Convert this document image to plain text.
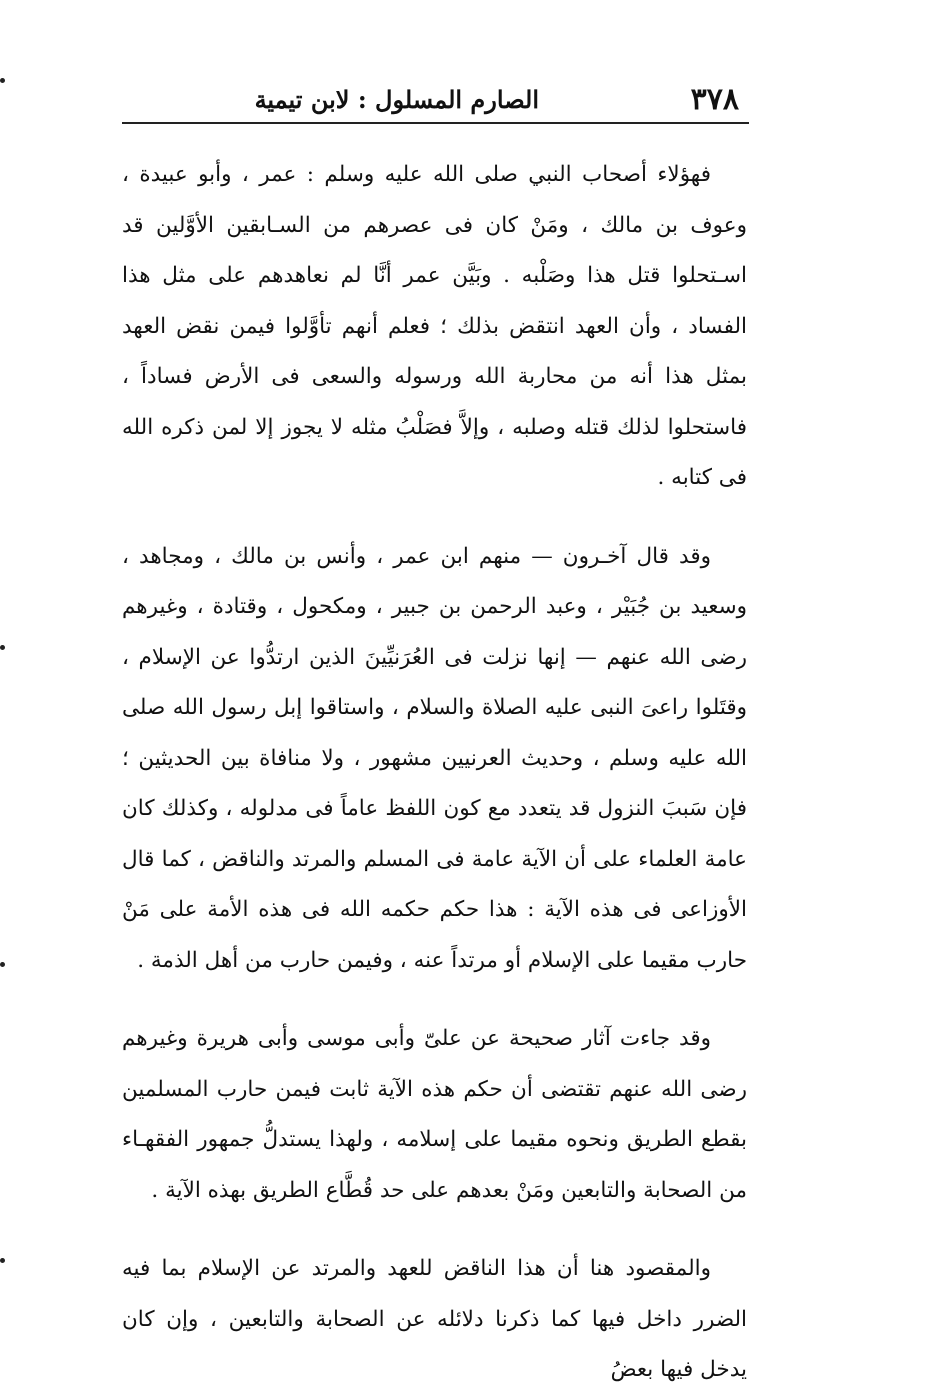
٣٧٨
الصارم المسلول : لابن تيمية

فهؤلاء أصحاب النبي صلى الله عليه وسلم : عمر ، وأبو عبيدة ، وعوف بن مالك ، ومَنْ كان فى عصرهم من السـابقين الأوَّلين قد اسـتحلوا قتل هذا وصَلْبه . وبَيَّن عمر أنَّا لم نعاهدهم على مثل هذا الفساد ، وأن العهد انتقض بذلك ؛ فعلم أنهم تأوَّلوا فيمن نقض العهد بمثل هذا أنه من محاربة الله ورسوله والسعى فى الأرض فساداً ، فاستحلوا لذلك قتله وصلبه ، وإلاَّ فصَلْبُ مثله لا يجوز إلا لمن ذكره الله فى كتابه .

وقد قال آخـرون — منهم ابن عمر ، وأنس بن مالك ، ومجاهد ، وسعيد بن جُبَيْر ، وعبد الرحمن بن جبير ، ومكحول ، وقتادة ، وغيرهم رضى الله عنهم — إنها نزلت فى العُرَنيِّينَ الذين ارتدُّوا عن الإسلام ، وقتَلوا راعىَ النبى عليه الصلاة والسلام ، واستاقوا إبل رسول الله صلى الله عليه وسلم ، وحديث العرنيين مشهور ، ولا منافاة بين الحديثين ؛ فإن سَببَ النزول قد يتعدد مع كون اللفظ عاماً فى مدلوله ، وكذلك كان عامة العلماء على أن الآية عامة فى المسلم والمرتد والناقض ، كما قال الأوزاعى فى هذه الآية : هذا حكم حكمه الله فى هذه الأمة على مَنْ حارب مقيما على الإسلام أو مرتداً عنه ، وفيمن حارب من أهل الذمة .

وقد جاءت آثار صحيحة عن علىّ وأبى موسى وأبى هريرة وغيرهم رضى الله عنهم تقتضى أن حكم هذه الآية ثابت فيمن حارب المسلمين بقطع الطريق ونحوه مقيما على إسلامه ، ولهذا يستدلُّ جمهور الفقهـاء من الصحابة والتابعين ومَنْ بعدهم على حد قُطَّاع الطريق بهذه الآية .

والمقصود هنا أن هذا الناقض للعهد والمرتد عن الإسلام بما فيه الضرر داخل فيها كما ذكرنا دلائله عن الصحابة والتابعين ، وإن كان يدخل فيها بعضُ
